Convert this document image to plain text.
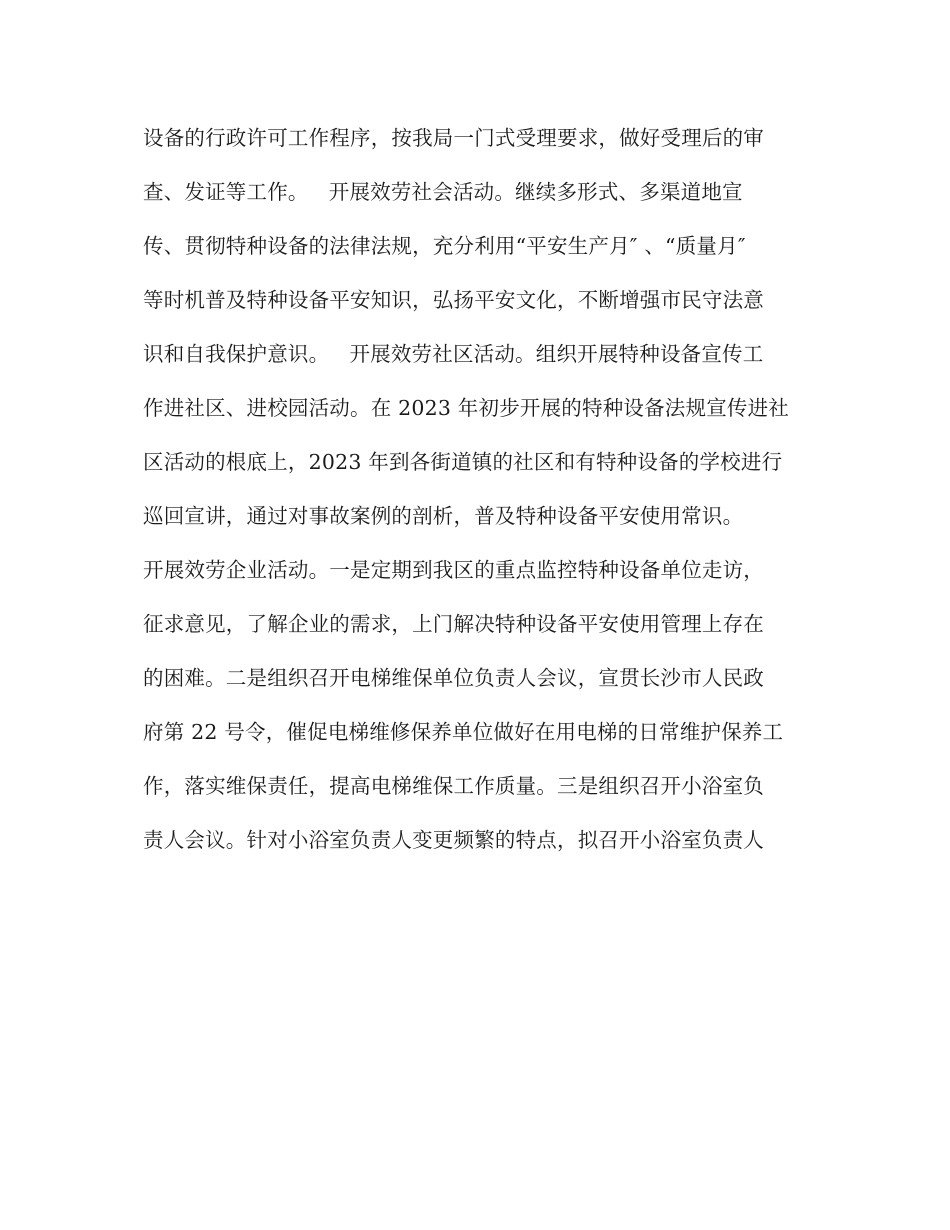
设备的行政许可工作程序，按我局一门式受理要求，做好受理后的审
查、发证等工作。   开展效劳社会活动。继续多形式、多渠道地宣
传、贯彻特种设备的法律法规，充分利用“平安生产月″ 、“质量月″
等时机普及特种设备平安知识，弘扬平安文化，不断增强市民守法意
识和自我保护意识。   开展效劳社区活动。组织开展特种设备宣传工
作进社区、进校园活动。在 2023 年初步开展的特种设备法规宣传进社
区活动的根底上，2023 年到各街道镇的社区和有特种设备的学校进行
巡回宣讲，通过对事故案例的剖析，普及特种设备平安使用常识。
开展效劳企业活动。一是定期到我区的重点监控特种设备单位走访，
征求意见，了解企业的需求，上门解决特种设备平安使用管理上存在
的困难。二是组织召开电梯维保单位负责人会议，宣贯长沙市人民政
府第 22 号令，催促电梯维修保养单位做好在用电梯的日常维护保养工
作，落实维保责任，提高电梯维保工作质量。三是组织召开小浴室负
责人会议。针对小浴室负责人变更频繁的特点，拟召开小浴室负责人
